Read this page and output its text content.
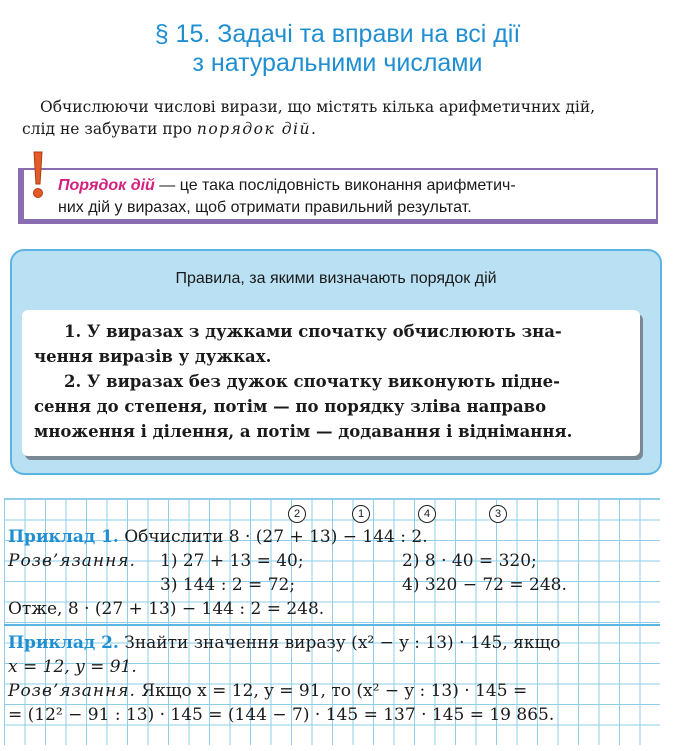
§ 15. Задачі та вправи на всі дії
з натуральними числами
Обчислюючи числові вирази, що містять кілька арифметичних дій,
слід не забувати про порядок дій.
Порядок дій — це така послідовність виконання арифметич-
них дій у виразах, щоб отримати правильний результат.
Правила, за якими визначають порядок дій
1. У виразах з дужками спочатку обчислюють зна-
чення виразів у дужках.
2. У виразах без дужок спочатку виконують підне-
сення до степеня, потім — по порядку зліва направо
множення і ділення, а потім — додавання і віднімання.
2	1	4	3
Приклад 1. Обчислити 8 · (27 + 13) − 144 : 2.
Розв’язання. 1) 27 + 13 = 40;	2) 8 · 40 = 320;
3) 144 : 2 = 72;	4) 320 − 72 = 248.
Отже, 8 · (27 + 13) − 144 : 2 = 248.
Приклад 2. Знайти значення виразу (x² − y : 13) · 145, якщо
x = 12, y = 91.
Розв’язання. Якщо x = 12, y = 91, то (x² − y : 13) · 145 =
= (12² − 91 : 13) · 145 = (144 − 7) · 145 = 137 · 145 = 19 865.
